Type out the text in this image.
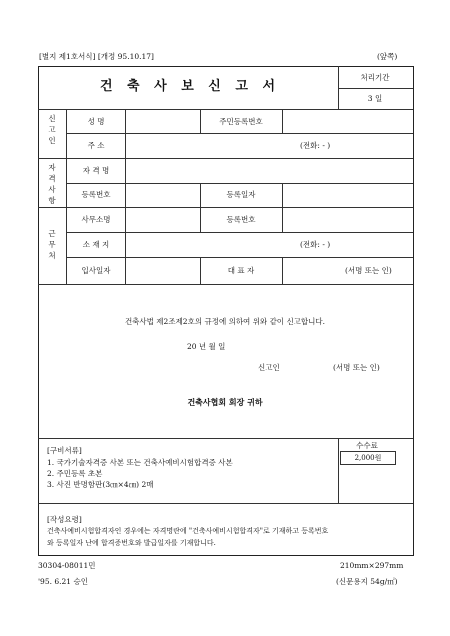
[별지 제1호서식] [개정 95.10.17]	(앞쪽)
건 축 사 보 신 고 서
처리기간
3 일
신
고
인
성 명	주민등록번호
주 소	(전화: - )
자
격
사
항
자 격 명
등록번호	등록일자
근
무
처
사무소명	등록번호
소 재 지	(전화: - )
입사일자	대 표 자	(서명 또는 인)
건축사법 제2조제2호의 규정에 의하여 위와 같이 신고합니다.
20 년 월 일
신고인	(서명 또는 인)
건축사협회 회장 귀하
[구비서류]
1. 국가기술자격증 사본 또는 건축사예비시험합격증 사본
2. 주민등록 초본
3. 사진 반명함판(3㎝×4㎝) 2매
수수료
2,000원
[작성요령]
건축사예비시험합격자인 경우에는 자격명란에 "건축사예비시험합격자"로 기재하고 등록번호
와 등록일자 난에 합격증번호와 발급일자를 기재합니다.
30304-08011민	210mm×297mm
'95. 6.21 승인	(신문용지 54g/㎡)
